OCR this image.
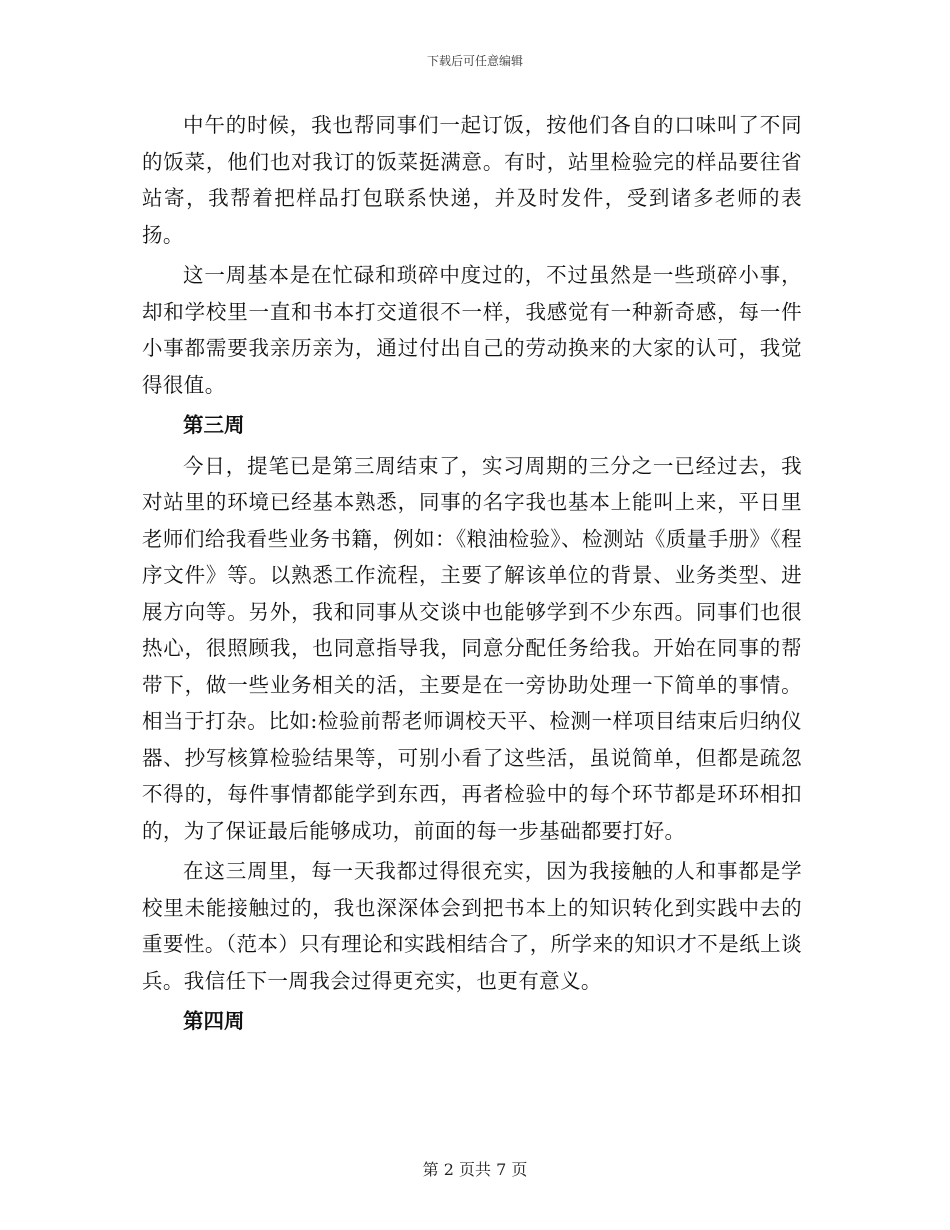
下载后可任意编辑

中午的时候，我也帮同事们一起订饭，按他们各自的口味叫了不同的饭菜，他们也对我订的饭菜挺满意。有时，站里检验完的样品要往省站寄，我帮着把样品打包联系快递，并及时发件，受到诸多老师的表扬。

这一周基本是在忙碌和琐碎中度过的，不过虽然是一些琐碎小事，却和学校里一直和书本打交道很不一样，我感觉有一种新奇感，每一件小事都需要我亲历亲为，通过付出自己的劳动换来的大家的认可，我觉得很值。

第三周

今日，提笔已是第三周结束了，实习周期的三分之一已经过去，我对站里的环境已经基本熟悉，同事的名字我也基本上能叫上来，平日里老师们给我看些业务书籍，例如：《粮油检验》、检测站《质量手册》《程序文件》等。以熟悉工作流程，主要了解该单位的背景、业务类型、进展方向等。另外，我和同事从交谈中也能够学到不少东西。同事们也很热心，很照顾我，也同意指导我，同意分配任务给我。开始在同事的帮带下，做一些业务相关的活，主要是在一旁协助处理一下简单的事情。相当于打杂。比如:检验前帮老师调校天平、检测一样项目结束后归纳仪器、抄写核算检验结果等，可别小看了这些活，虽说简单，但都是疏忽不得的，每件事情都能学到东西，再者检验中的每个环节都是环环相扣的，为了保证最后能够成功，前面的每一步基础都要打好。

在这三周里，每一天我都过得很充实，因为我接触的人和事都是学校里未能接触过的，我也深深体会到把书本上的知识转化到实践中去的重要性。（范本）只有理论和实践相结合了，所学来的知识才不是纸上谈兵。我信任下一周我会过得更充实，也更有意义。

第四周

第 2 页共 7 页
